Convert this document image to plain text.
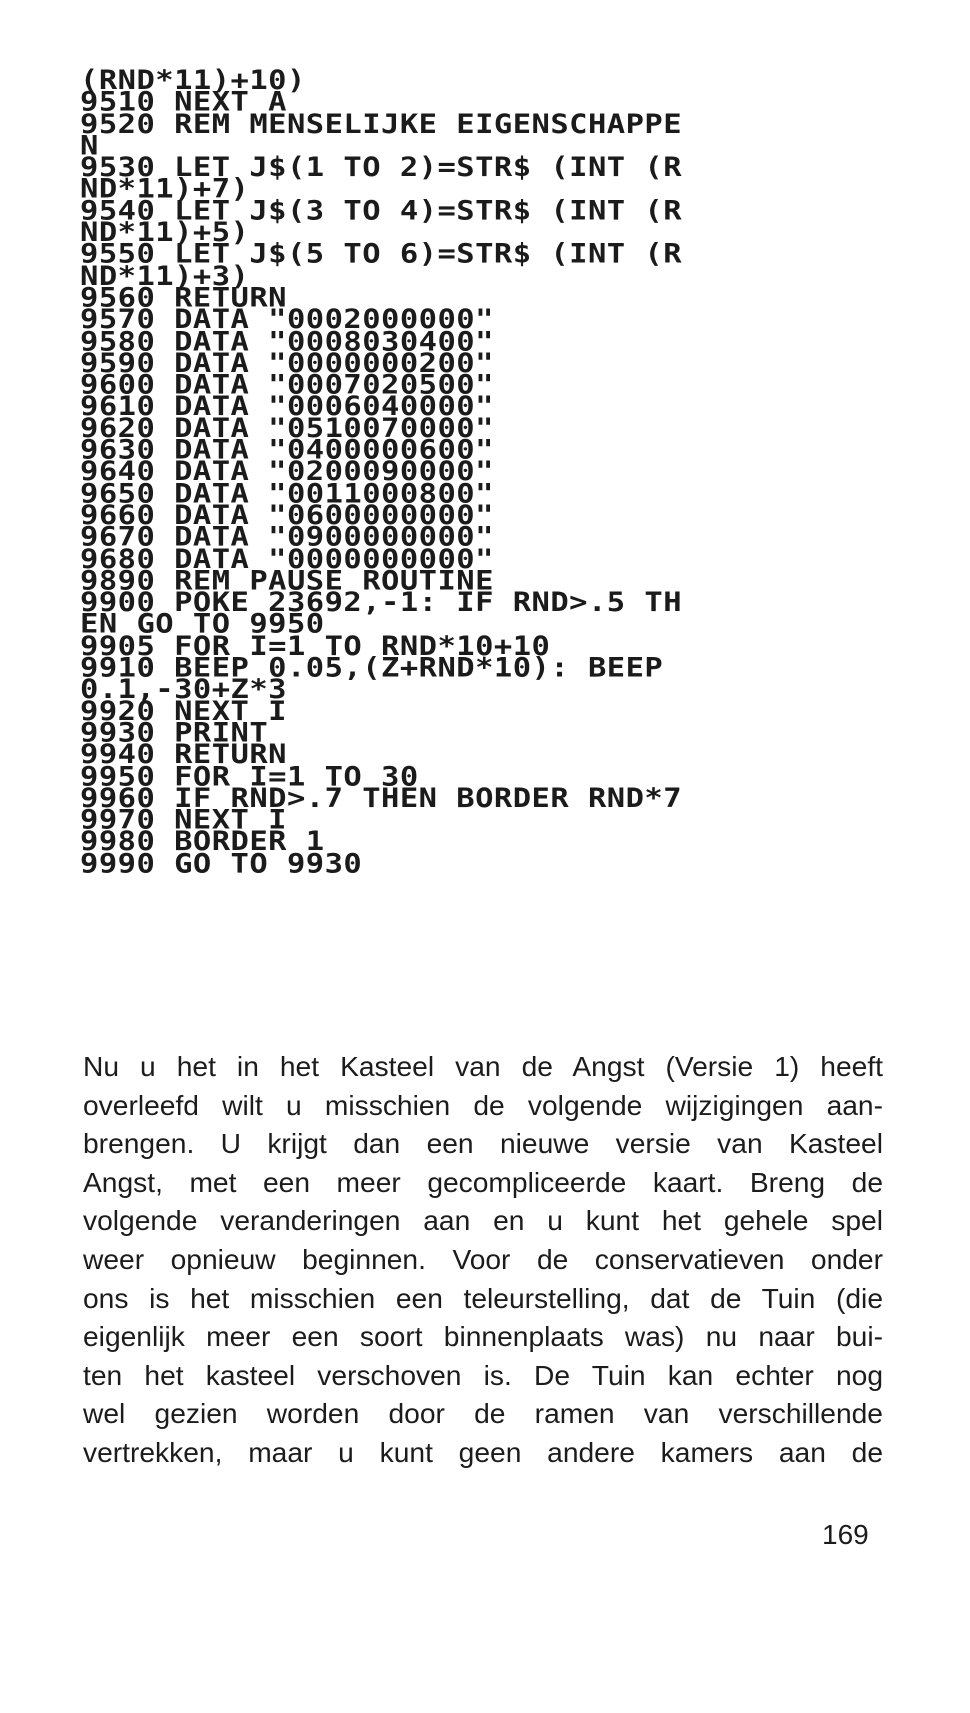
(RND*11)+10)
9510 NEXT A
9520 REM MENSELIJKE EIGENSCHAPPE
N
9530 LET J$(1 TO 2)=STR$ (INT (R
ND*11)+7)
9540 LET J$(3 TO 4)=STR$ (INT (R
ND*11)+5)
9550 LET J$(5 TO 6)=STR$ (INT (R
ND*11)+3)
9560 RETURN
9570 DATA "0002000000"
9580 DATA "0008030400"
9590 DATA "0000000200"
9600 DATA "0007020500"
9610 DATA "0006040000"
9620 DATA "0510070000"
9630 DATA "0400000600"
9640 DATA "0200090000"
9650 DATA "0011000800"
9660 DATA "0600000000"
9670 DATA "0900000000"
9680 DATA "0000000000"
9890 REM PAUSE ROUTINE
9900 POKE 23692,-1: IF RND>.5 TH
EN GO TO 9950
9905 FOR I=1 TO RND*10+10
9910 BEEP 0.05,(Z+RND*10): BEEP
0.1,-30+Z*3
9920 NEXT I
9930 PRINT
9940 RETURN
9950 FOR I=1 TO 30
9960 IF RND>.7 THEN BORDER RND*7
9970 NEXT I
9980 BORDER 1
9990 GO TO 9930
Nu u het in het Kasteel van de Angst (Versie 1) heeft
overleefd wilt u misschien de volgende wijzigingen aan-
brengen. U krijgt dan een nieuwe versie van Kasteel
Angst, met een meer gecompliceerde kaart. Breng de
volgende veranderingen aan en u kunt het gehele spel
weer opnieuw beginnen. Voor de conservatieven onder
ons is het misschien een teleurstelling, dat de Tuin (die
eigenlijk meer een soort binnenplaats was) nu naar bui-
ten het kasteel verschoven is. De Tuin kan echter nog
wel gezien worden door de ramen van verschillende
vertrekken, maar u kunt geen andere kamers aan de
169
